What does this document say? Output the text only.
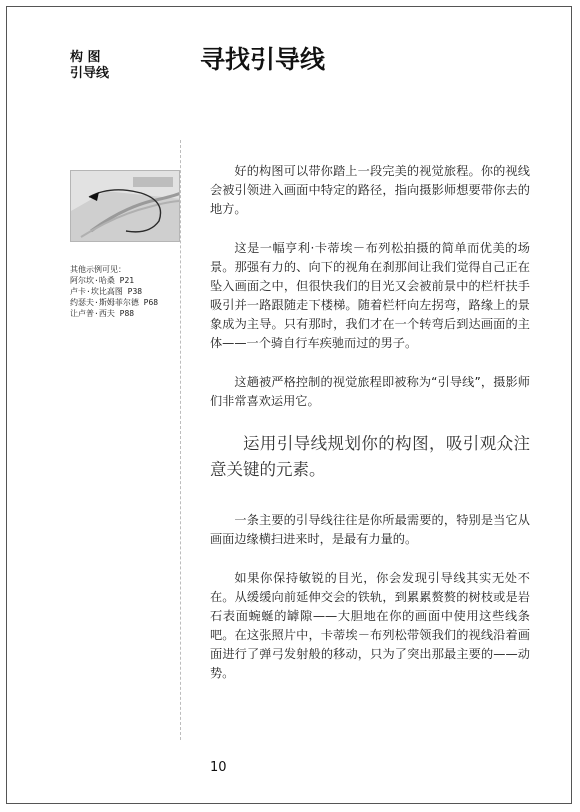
构 图
引导线	寻找引导线
其他示例可见：
阿尔坎·哈桑 P21
卢卡·坎比高图 P38
约瑟夫·斯姆菲尔德 P68
让卢普·西夫 P88

好的构图可以带你踏上一段完美的视觉旅程。你的视线会被引领进入画面中特定的路径，指向摄影师想要带你去的地方。

这是一幅亨利·卡蒂埃－布列松拍摄的简单而优美的场景。那强有力的、向下的视角在刹那间让我们觉得自己正在坠入画面之中，但很快我们的目光又会被前景中的栏杆扶手吸引并一路跟随走下楼梯。随着栏杆向左拐弯，路缘上的景象成为主导。只有那时，我们才在一个转弯后到达画面的主体——一个骑自行车疾驰而过的男子。

这趟被严格控制的视觉旅程即被称为“引导线”，摄影师们非常喜欢运用它。

运用引导线规划你的构图，吸引观众注意关键的元素。

一条主要的引导线往往是你所最需要的，特别是当它从画面边缘横扫进来时，是最有力量的。

如果你保持敏锐的目光，你会发现引导线其实无处不在。从缓缓向前延伸交会的铁轨，到累累赘赘的树枝或是岩石表面蜿蜒的罅隙——大胆地在你的画面中使用这些线条吧。在这张照片中，卡蒂埃－布列松带领我们的视线沿着画面进行了弹弓发射般的移动，只为了突出那最主要的——动势。

10
